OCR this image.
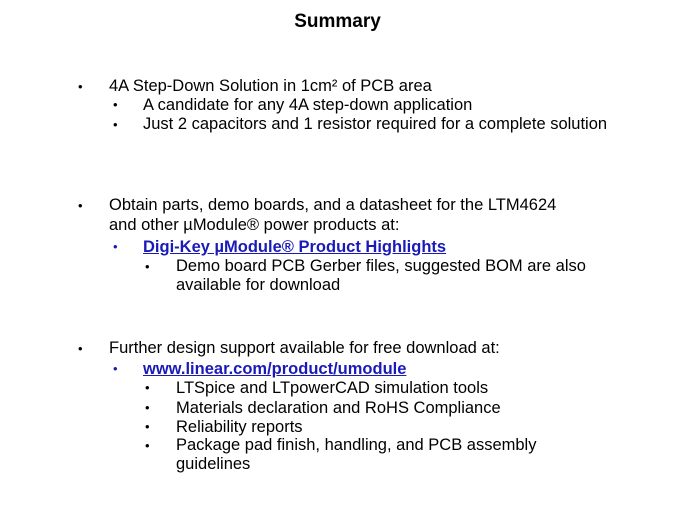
Summary
• 4A Step-Down Solution in 1cm² of PCB area
• A candidate for any 4A step-down application
• Just 2 capacitors and 1 resistor required for a complete solution
• Obtain parts, demo boards, and a datasheet for the LTM4624 and other µModule® power products at:
• Digi-Key µModule® Product Highlights
• Demo board PCB Gerber files, suggested BOM are also available for download
• Further design support available for free download at:
• www.linear.com/product/umodule
• LTSpice and LTpowerCAD simulation tools
• Materials declaration and RoHS Compliance
• Reliability reports
• Package pad finish, handling, and PCB assembly guidelines
